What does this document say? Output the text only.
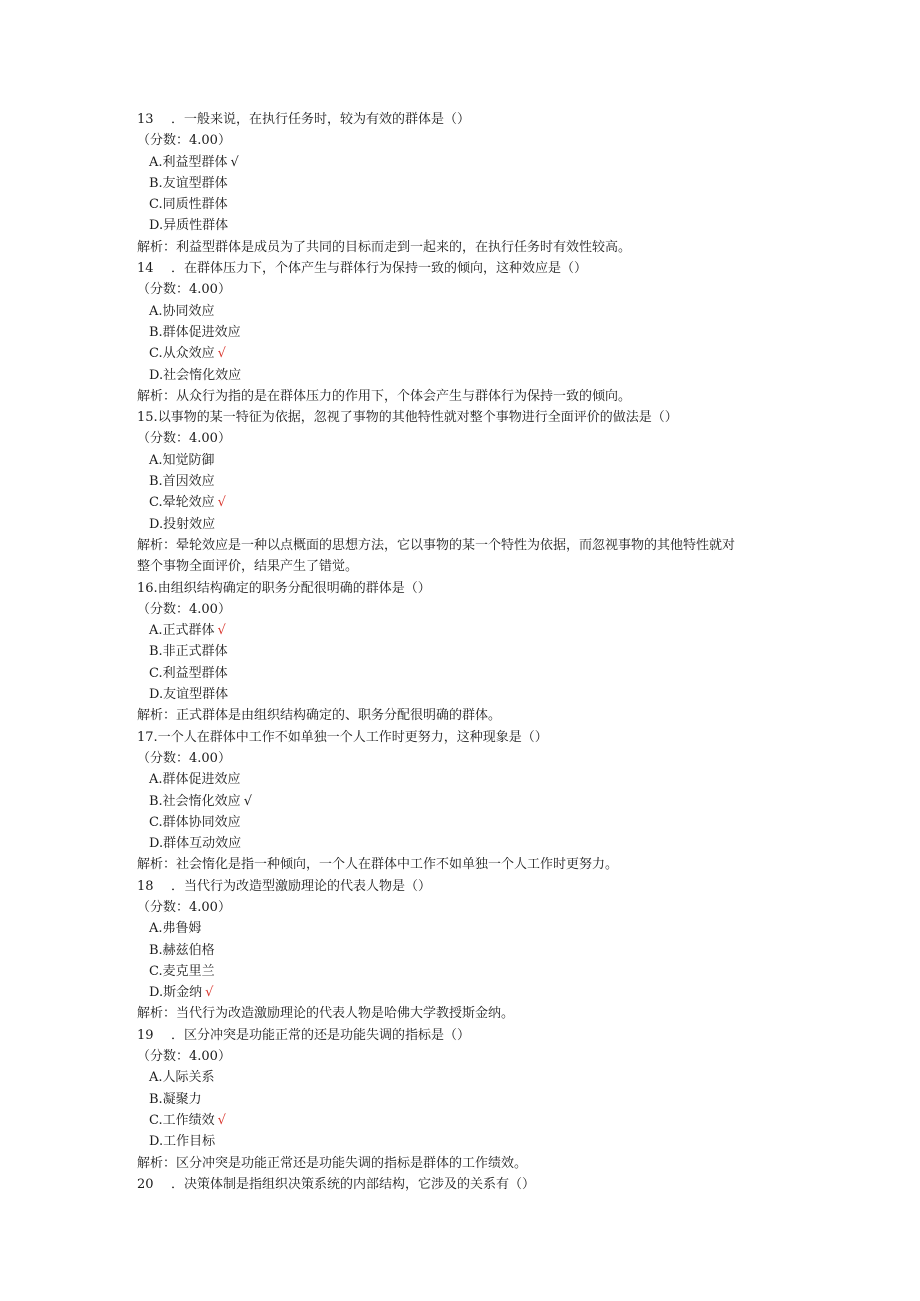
13　．一般来说，在执行任务时，较为有效的群体是（）
（分数：4.00）
A.利益型群体 √
B.友谊型群体
C.同质性群体
D.异质性群体
解析：利益型群体是成员为了共同的目标而走到一起来的，在执行任务时有效性较高。
14　．在群体压力下，个体产生与群体行为保持一致的倾向，这种效应是（）
（分数：4.00）
A.协同效应
B.群体促进效应
C.从众效应 √
D.社会惰化效应
解析：从众行为指的是在群体压力的作用下，个体会产生与群体行为保持一致的倾向。
15.以事物的某一特征为依据，忽视了事物的其他特性就对整个事物进行全面评价的做法是（）
（分数：4.00）
A.知觉防御
B.首因效应
C.晕轮效应 √
D.投射效应
解析：晕轮效应是一种以点概面的思想方法，它以事物的某一个特性为依据，而忽视事物的其他特性就对
整个事物全面评价，结果产生了错觉。
16.由组织结构确定的职务分配很明确的群体是（）
（分数：4.00）
A.正式群体 √
B.非正式群体
C.利益型群体
D.友谊型群体
解析：正式群体是由组织结构确定的、职务分配很明确的群体。
17.一个人在群体中工作不如单独一个人工作时更努力，这种现象是（）
（分数：4.00）
A.群体促进效应
B.社会惰化效应 √
C.群体协同效应
D.群体互动效应
解析：社会惰化是指一种倾向，一个人在群体中工作不如单独一个人工作时更努力。
18　．当代行为改造型激励理论的代表人物是（）
（分数：4.00）
A.弗鲁姆
B.赫兹伯格
C.麦克里兰
D.斯金纳 √
解析：当代行为改造激励理论的代表人物是哈佛大学教授斯金纳。
19　．区分冲突是功能正常的还是功能失调的指标是（）
（分数：4.00）
A.人际关系
B.凝聚力
C.工作绩效 √
D.工作目标
解析：区分冲突是功能正常还是功能失调的指标是群体的工作绩效。
20　．决策体制是指组织决策系统的内部结构，它涉及的关系有（）
